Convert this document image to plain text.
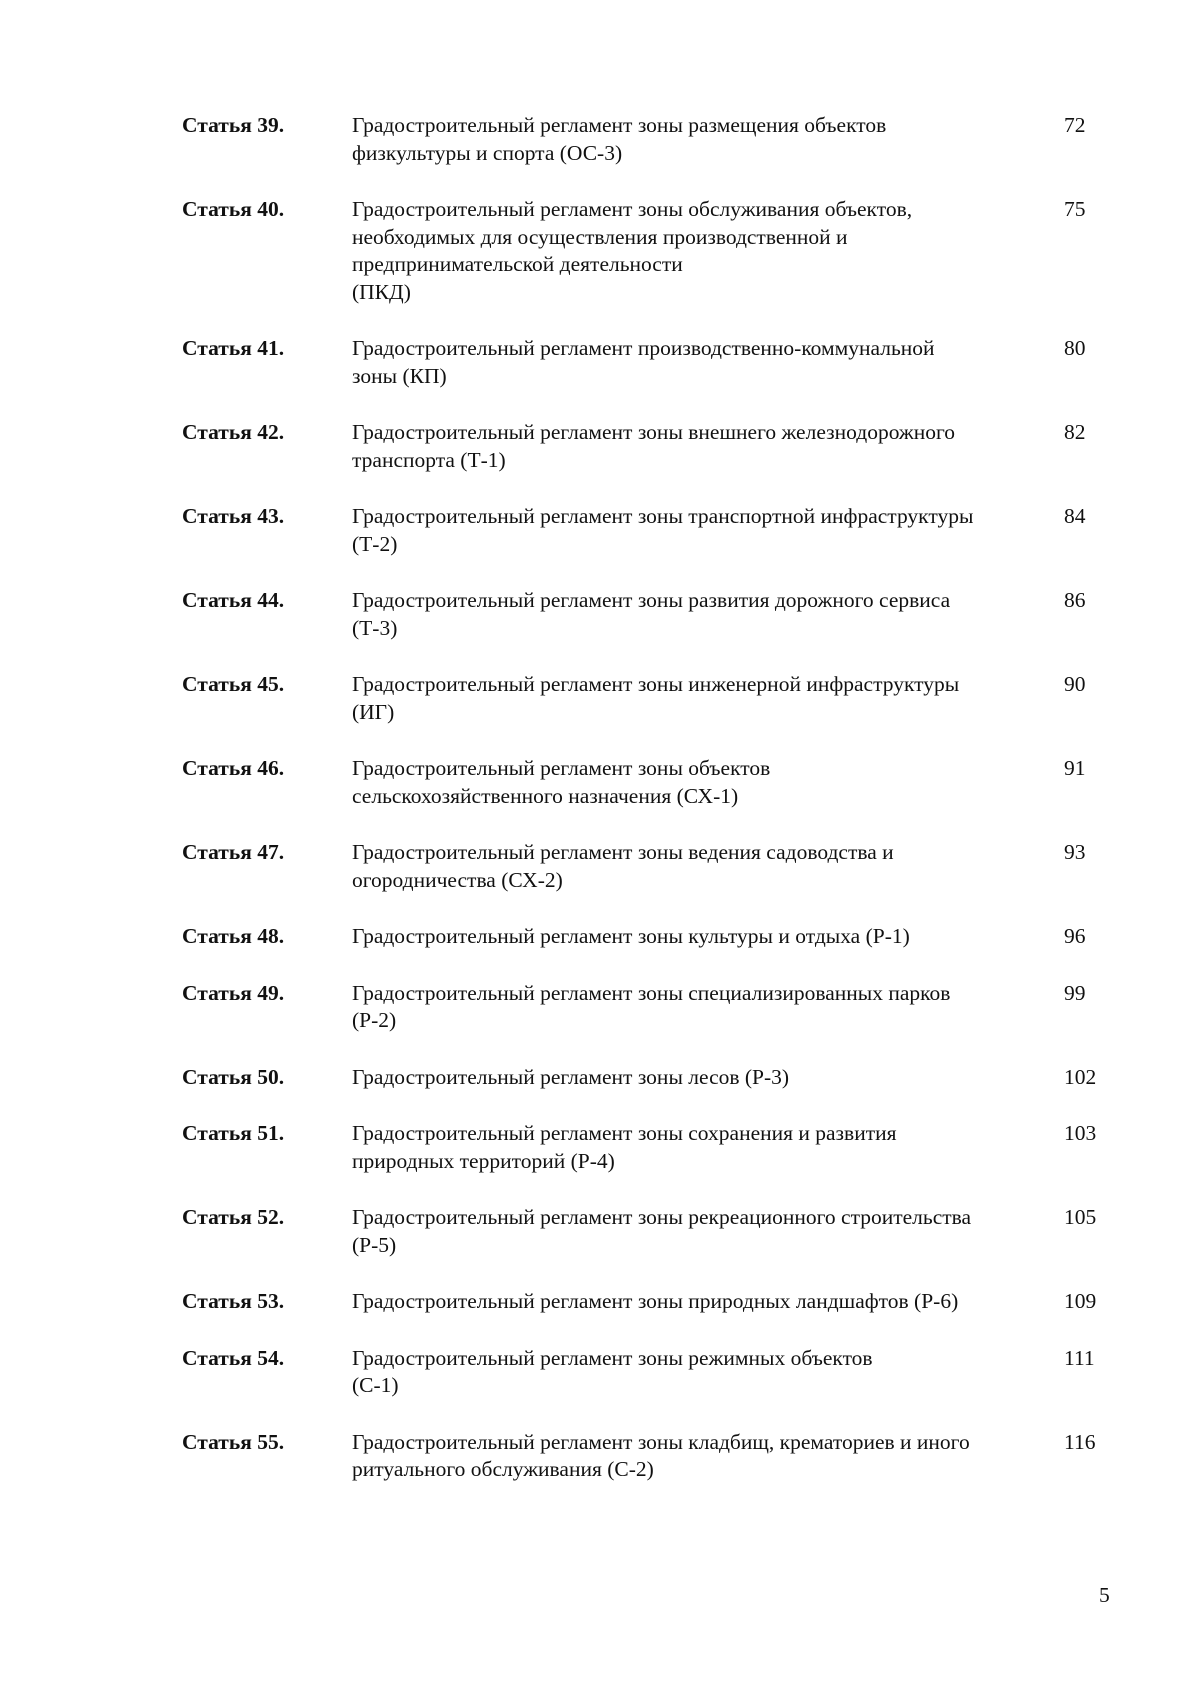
Статья 39.	Градостроительный регламент зоны размещения объектов
физкультуры и спорта (ОС-3)
72
Статья 40.	Градостроительный регламент зоны обслуживания объектов,
необходимых для осуществления производственной и
предпринимательской деятельности
(ПКД)
75
Статья 41.	Градостроительный регламент производственно-коммунальной
зоны (КП)
80
Статья 42.	Градостроительный регламент зоны внешнего железнодорожного
транспорта (Т-1)
82
Статья 43.	Градостроительный регламент зоны транспортной инфраструктуры
(Т-2)
84
Статья 44.	Градостроительный регламент зоны развития дорожного сервиса
(Т-3)
86
Статья 45.	Градостроительный регламент зоны инженерной инфраструктуры
(ИГ)
90
Статья 46.	Градостроительный регламент зоны объектов
сельскохозяйственного назначения (СХ-1)
91
Статья 47.	Градостроительный регламент зоны ведения садоводства и
огородничества (СХ-2)
93
Статья 48.	Градостроительный регламент зоны культуры и отдыха (Р-1)	96
Статья 49.	Градостроительный регламент зоны специализированных парков
(Р-2)
99
Статья 50.	Градостроительный регламент зоны лесов (Р-3)	102
Статья 51.	Градостроительный регламент зоны сохранения и развития
природных территорий (Р-4)
103
Статья 52.	Градостроительный регламент зоны рекреационного строительства
(Р-5)
105
Статья 53.	Градостроительный регламент зоны природных ландшафтов (Р-6)	109
Статья 54.	Градостроительный регламент зоны режимных объектов
(С-1)
111
Статья 55.	Градостроительный регламент зоны кладбищ, крематориев и иного
ритуального обслуживания (С-2)
116
5
